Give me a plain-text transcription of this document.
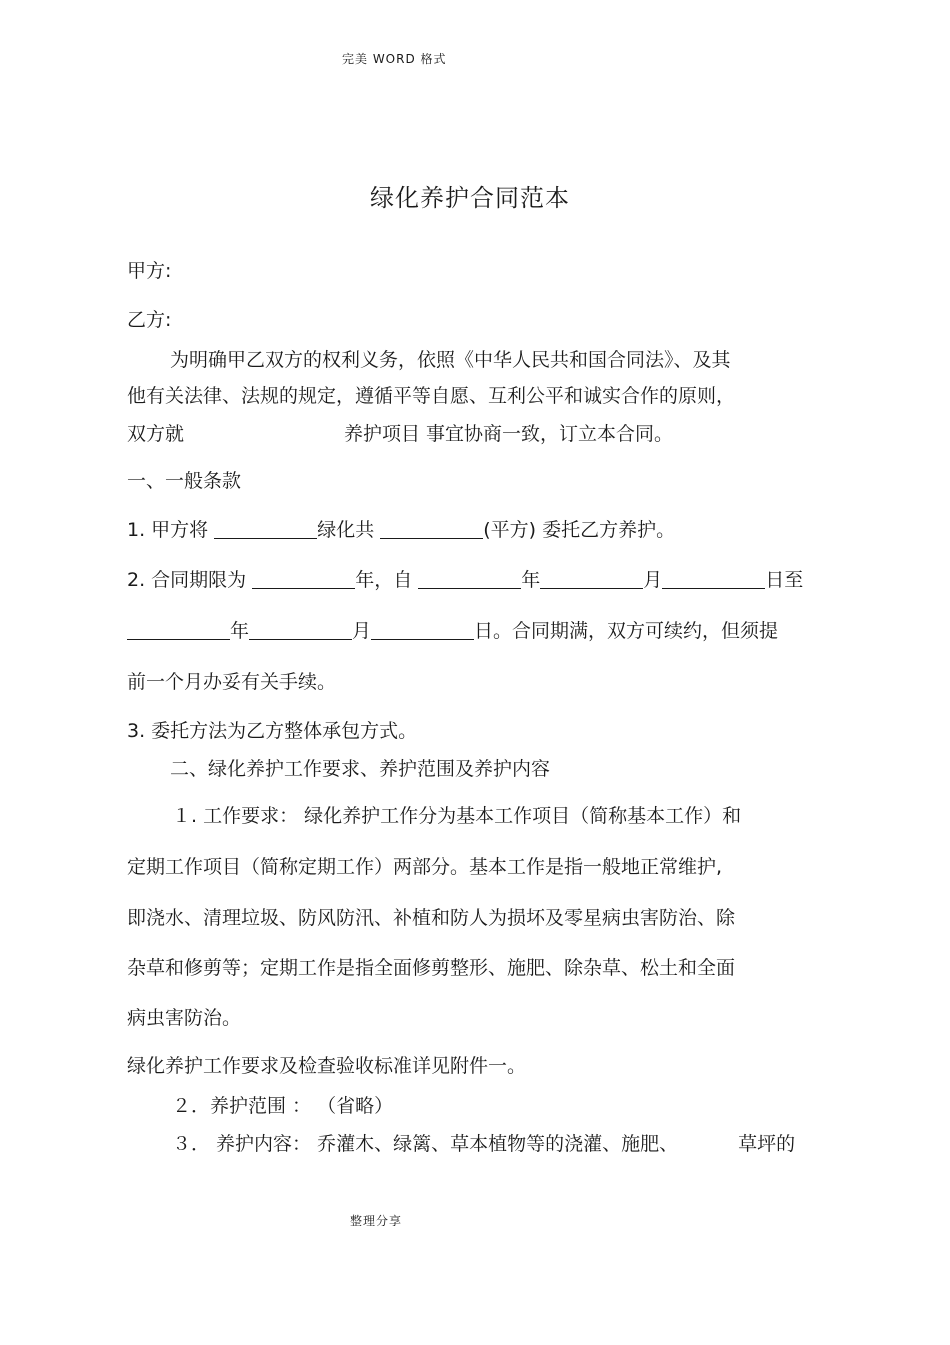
完美 WORD 格式
绿化养护合同范本
甲方:
乙方:
为明确甲乙双方的权利义务，依照《中华人民共和国合同法》、及其
他有关法律、法规的规定，遵循平等自愿、互利公平和诚实合作的原则，
双方就	养护项目 事宜协商一致，订立本合同。
一、一般条款
1. 甲方将	绿化共	(平方) 委托乙方养护。
2. 合同期限为	年，自	年	月	日至
年	月	日。合同期满，双方可续约，但须提
前一个月办妥有关手续。
3. 委托方法为乙方整体承包方式。
二、绿化养护工作要求、养护范围及养护内容
１. 工作要求： 绿化养护工作分为基本工作项目（简称基本工作）和
定期工作项目（简称定期工作）两部分。基本工作是指一般地正常维护,
即浇水、清理垃圾、防风防汛、补植和防人为损坏及零星病虫害防治、除
杂草和修剪等；定期工作是指全面修剪整形、施肥、除杂草、松土和全面
病虫害防治。
绿化养护工作要求及检查验收标准详见附件一。
２．养护范围 ： （省略）
３． 养护内容： 乔灌木、绿篱、草本植物等的浇灌、施肥、	草坪的
整理分享
